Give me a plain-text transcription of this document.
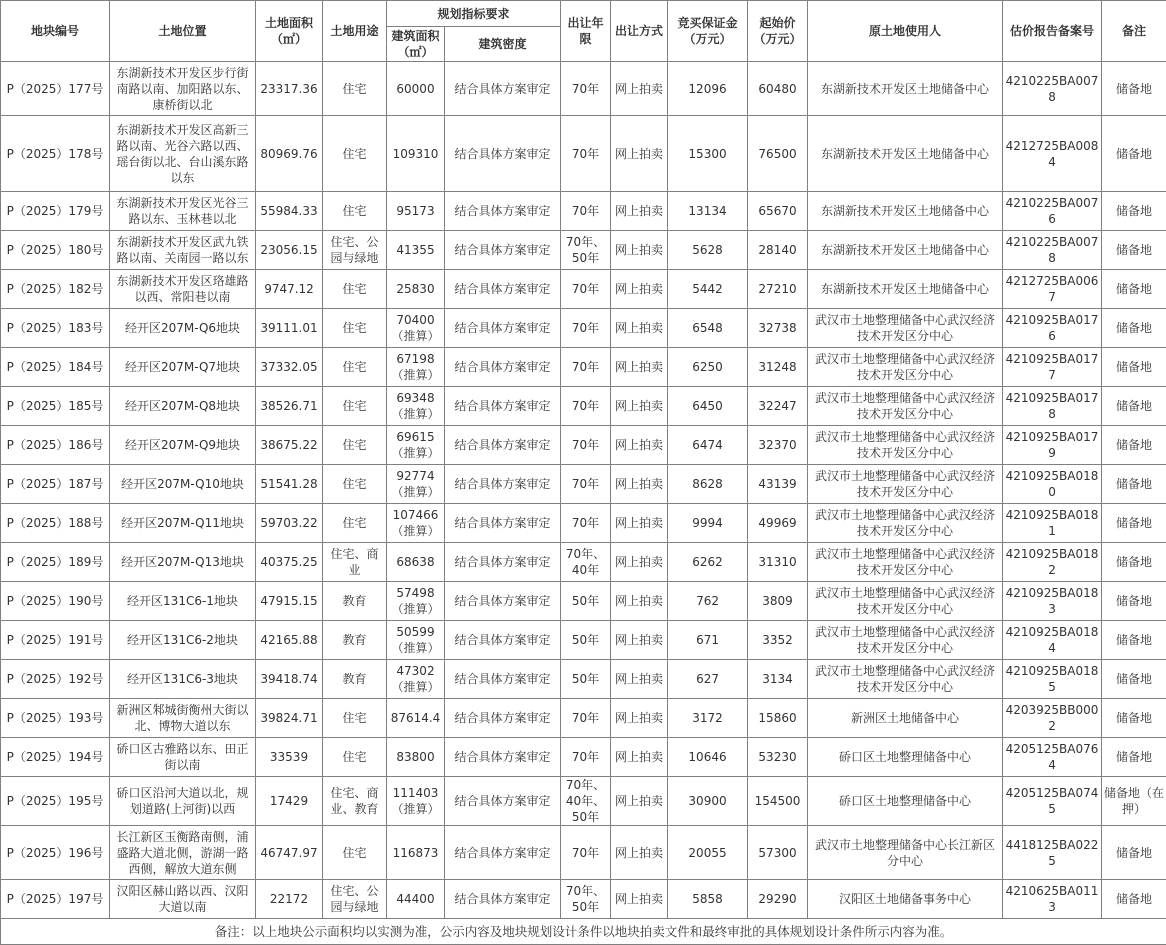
地块编号	土地位置	土地面积（㎡）	土地用途	规划指标要求		出让年限	出让方式	竞买保证金（万元）	起始价（万元）	原土地使用人	估价报告备案号	备注
				建筑面积（㎡）	建筑密度							
P（2025）177号	东湖新技术开发区步行街南路以南、加阳路以东、康桥街以北	23317.36	住宅	60000	结合具体方案审定	70年	网上拍卖	12096	60480	东湖新技术开发区土地储备中心	4210225BA0078	储备地
P（2025）178号	东湖新技术开发区高新三路以南、光谷六路以西、瑶台街以北、台山溪东路以东	80969.76	住宅	109310	结合具体方案审定	70年	网上拍卖	15300	76500	东湖新技术开发区土地储备中心	4212725BA0084	储备地
P（2025）179号	东湖新技术开发区光谷三路以东、玉林巷以北	55984.33	住宅	95173	结合具体方案审定	70年	网上拍卖	13134	65670	东湖新技术开发区土地储备中心	4210225BA0076	储备地
P（2025）180号	东湖新技术开发区武九铁路以南、关南园一路以东	23056.15	住宅、公园与绿地	41355	结合具体方案审定	70年、50年	网上拍卖	5628	28140	东湖新技术开发区土地储备中心	4210225BA0078	储备地
P（2025）182号	东湖新技术开发区珞雄路以西、常阳巷以南	9747.12	住宅	25830	结合具体方案审定	70年	网上拍卖	5442	27210	东湖新技术开发区土地储备中心	4212725BA0067	储备地
P（2025）183号	经开区207M-Q6地块	39111.01	住宅	70400（推算）	结合具体方案审定	70年	网上拍卖	6548	32738	武汉市土地整理储备中心武汉经济技术开发区分中心	4210925BA0176	储备地
P（2025）184号	经开区207M-Q7地块	37332.05	住宅	67198（推算）	结合具体方案审定	70年	网上拍卖	6250	31248	武汉市土地整理储备中心武汉经济技术开发区分中心	4210925BA0177	储备地
P（2025）185号	经开区207M-Q8地块	38526.71	住宅	69348（推算）	结合具体方案审定	70年	网上拍卖	6450	32247	武汉市土地整理储备中心武汉经济技术开发区分中心	4210925BA0178	储备地
P（2025）186号	经开区207M-Q9地块	38675.22	住宅	69615（推算）	结合具体方案审定	70年	网上拍卖	6474	32370	武汉市土地整理储备中心武汉经济技术开发区分中心	4210925BA0179	储备地
P（2025）187号	经开区207M-Q10地块	51541.28	住宅	92774（推算）	结合具体方案审定	70年	网上拍卖	8628	43139	武汉市土地整理储备中心武汉经济技术开发区分中心	4210925BA0180	储备地
P（2025）188号	经开区207M-Q11地块	59703.22	住宅	107466（推算）	结合具体方案审定	70年	网上拍卖	9994	49969	武汉市土地整理储备中心武汉经济技术开发区分中心	4210925BA0181	储备地
P（2025）189号	经开区207M-Q13地块	40375.25	住宅、商业	68638	结合具体方案审定	70年、40年	网上拍卖	6262	31310	武汉市土地整理储备中心武汉经济技术开发区分中心	4210925BA0182	储备地
P（2025）190号	经开区131C6-1地块	47915.15	教育	57498（推算）	结合具体方案审定	50年	网上拍卖	762	3809	武汉市土地整理储备中心武汉经济技术开发区分中心	4210925BA0183	储备地
P（2025）191号	经开区131C6-2地块	42165.88	教育	50599（推算）	结合具体方案审定	50年	网上拍卖	671	3352	武汉市土地整理储备中心武汉经济技术开发区分中心	4210925BA0184	储备地
P（2025）192号	经开区131C6-3地块	39418.74	教育	47302（推算）	结合具体方案审定	50年	网上拍卖	627	3134	武汉市土地整理储备中心武汉经济技术开发区分中心	4210925BA0185	储备地
P（2025）193号	新洲区邾城街衡州大街以北、博物大道以东	39824.71	住宅	87614.4	结合具体方案审定	70年	网上拍卖	3172	15860	新洲区土地储备中心	4203925BB0002	储备地
P（2025）194号	硚口区古雅路以东、田正街以南	33539	住宅	83800	结合具体方案审定	70年	网上拍卖	10646	53230	硚口区土地整理储备中心	4205125BA0764	储备地
P（2025）195号	硚口区沿河大道以北，规划道路(上河街)以西	17429	住宅、商业、教育	111403（推算）	结合具体方案审定	70年、40年、50年	网上拍卖	30900	154500	硚口区土地整理储备中心	4205125BA0745	储备地（在押）
P（2025）196号	长江新区玉衡路南侧，浦盛路大道北侧，游湖一路西侧，解放大道东侧	46747.97	住宅	116873	结合具体方案审定	70年	网上拍卖	20055	57300	武汉市土地整理储备中心长江新区分中心	4418125BA0225	储备地
P（2025）197号	汉阳区赫山路以西、汉阳大道以南	22172	住宅、公园与绿地	44400	结合具体方案审定	70年、50年	网上拍卖	5858	29290	汉阳区土地储备事务中心	4210625BA0113	储备地
备注：以上地块公示面积均以实测为准，公示内容及地块规划设计条件以地块拍卖文件和最终审批的具体规划设计条件所示内容为准。												
